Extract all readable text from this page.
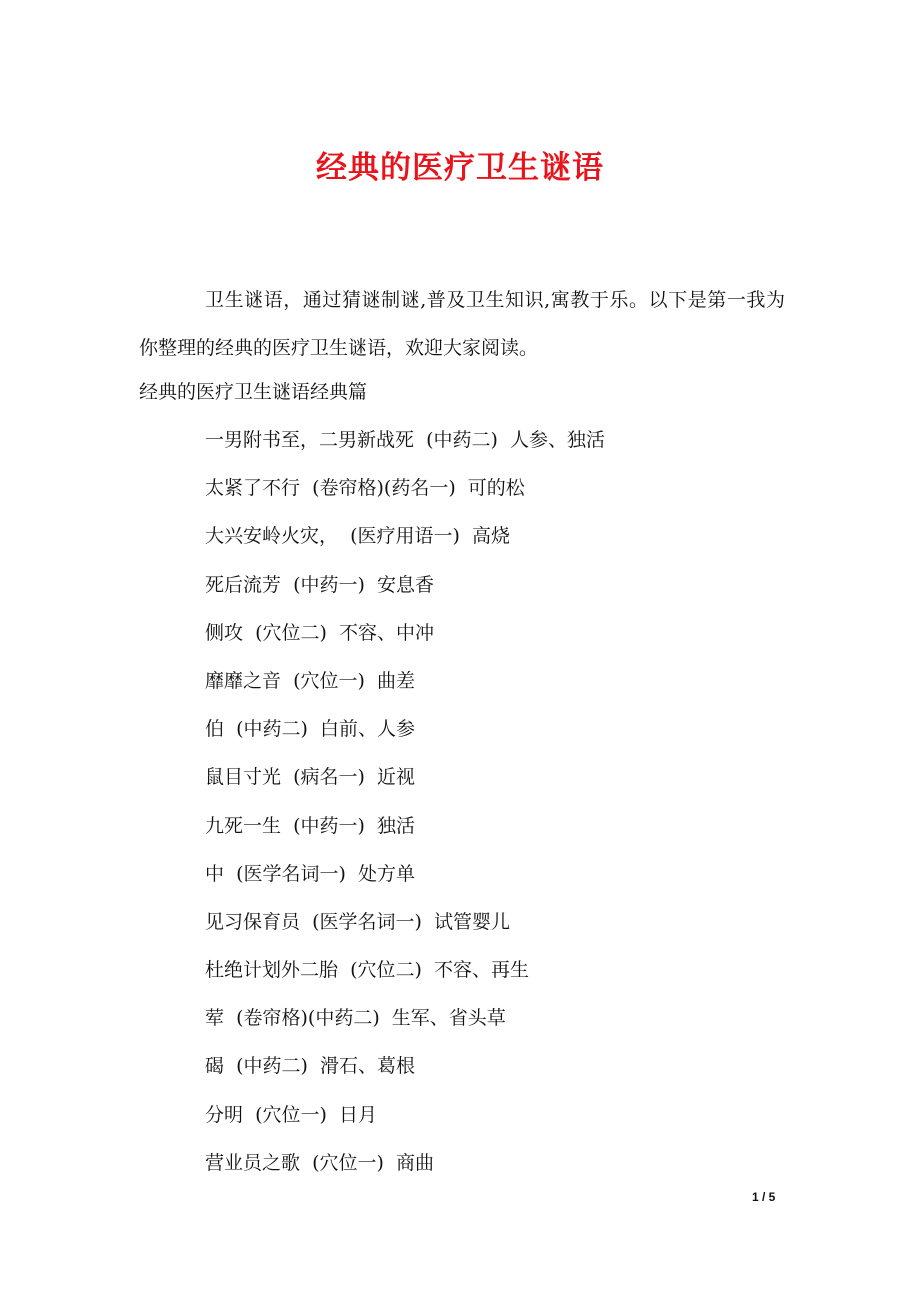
经典的医疗卫生谜语
卫生谜语，通过猜谜制谜,普及卫生知识,寓教于乐。以下是第一我为你整理的经典的医疗卫生谜语，欢迎大家阅读。
经典的医疗卫生谜语经典篇
一男附书至，二男新战死  (中药二)  人参、独活
太紧了不行  (卷帘格)(药名一)  可的松
大兴安岭火灾，  (医疗用语一)  高烧
死后流芳  (中药一)  安息香
侧攻  (穴位二)  不容、中冲
靡靡之音  (穴位一)  曲差
伯  (中药二)  白前、人参
鼠目寸光  (病名一)  近视
九死一生  (中药一)  独活
中  (医学名词一)  处方单
见习保育员  (医学名词一)  试管婴儿
杜绝计划外二胎  (穴位二)  不容、再生
荤  (卷帘格)(中药二)  生军、省头草
碣  (中药二)  滑石、葛根
分明  (穴位一)  日月
营业员之歌  (穴位一)  商曲
1 / 5
